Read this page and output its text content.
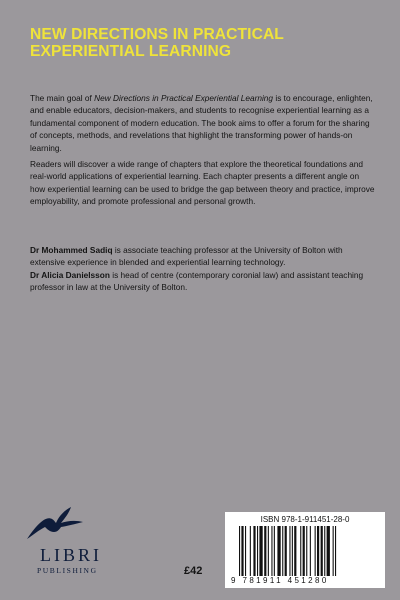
NEW DIRECTIONS IN PRACTICAL
EXPERIENTIAL LEARNING

The main goal of New Directions in Practical Experiential Learning is to encourage, enlighten, and enable educators, decision-makers, and students to recognise experiential learning as a fundamental component of modern education. The book aims to offer a forum for the sharing of concepts, methods, and revelations that highlight the transforming power of hands-on learning.

Readers will discover a wide range of chapters that explore the theoretical foundations and real-world applications of experiential learning. Each chapter presents a different angle on how experiential learning can be used to bridge the gap between theory and practice, improve employability, and promote professional and personal growth.

Dr Mohammed Sadiq is associate teaching professor at the University of Bolton with extensive experience in blended and experiential learning technology.
Dr Alicia Danielsson is head of centre (contemporary coronial law) and assistant teaching professor in law at the University of Bolton.

LIBRI
PUBLISHING	£42
ISBN 978-1-911451-28-0
9 781911 451280
